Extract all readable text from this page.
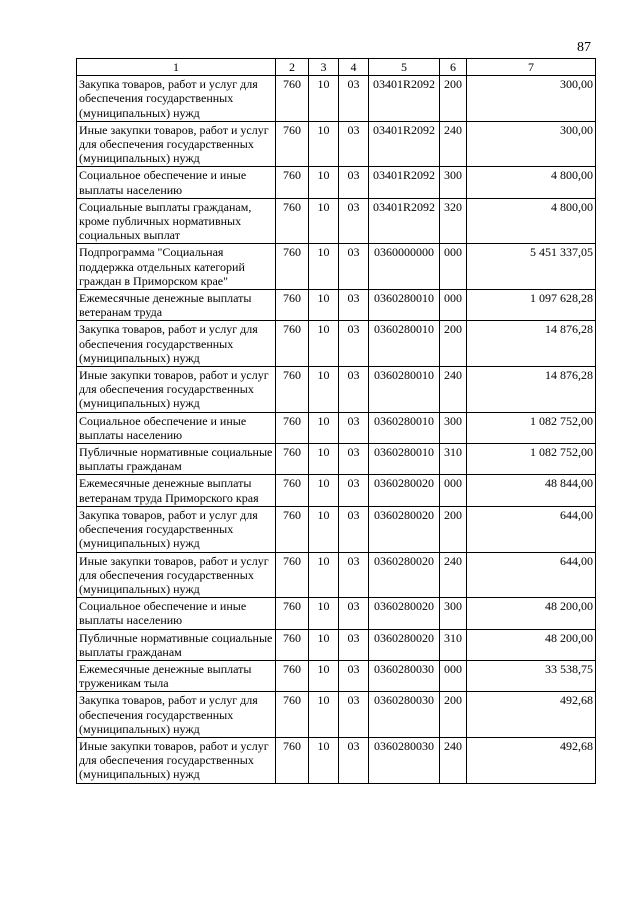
87
1	2	3	4	5	6	7
Закупка товаров, работ и услуг для обеспечения государственных (муниципальных) нужд	760	10	03	03401R2092	200	300,00
Иные закупки товаров, работ и услуг для обеспечения государственных (муниципальных) нужд	760	10	03	03401R2092	240	300,00
Социальное обеспечение и иные выплаты населению	760	10	03	03401R2092	300	4 800,00
Социальные выплаты гражданам, кроме публичных нормативных социальных выплат	760	10	03	03401R2092	320	4 800,00
Подпрограмма "Социальная поддержка отдельных категорий граждан в Приморском крае"	760	10	03	0360000000	000	5 451 337,05
Ежемесячные денежные выплаты ветеранам труда	760	10	03	0360280010	000	1 097 628,28
Закупка товаров, работ и услуг для обеспечения государственных (муниципальных) нужд	760	10	03	0360280010	200	14 876,28
Иные закупки товаров, работ и услуг для обеспечения государственных (муниципальных) нужд	760	10	03	0360280010	240	14 876,28
Социальное обеспечение и иные выплаты населению	760	10	03	0360280010	300	1 082 752,00
Публичные нормативные социальные выплаты гражданам	760	10	03	0360280010	310	1 082 752,00
Ежемесячные денежные выплаты ветеранам труда Приморского края	760	10	03	0360280020	000	48 844,00
Закупка товаров, работ и услуг для обеспечения государственных (муниципальных) нужд	760	10	03	0360280020	200	644,00
Иные закупки товаров, работ и услуг для обеспечения государственных (муниципальных) нужд	760	10	03	0360280020	240	644,00
Социальное обеспечение и иные выплаты населению	760	10	03	0360280020	300	48 200,00
Публичные нормативные социальные выплаты гражданам	760	10	03	0360280020	310	48 200,00
Ежемесячные денежные выплаты труженикам тыла	760	10	03	0360280030	000	33 538,75
Закупка товаров, работ и услуг для обеспечения государственных (муниципальных) нужд	760	10	03	0360280030	200	492,68
Иные закупки товаров, работ и услуг для обеспечения государственных (муниципальных) нужд	760	10	03	0360280030	240	492,68
